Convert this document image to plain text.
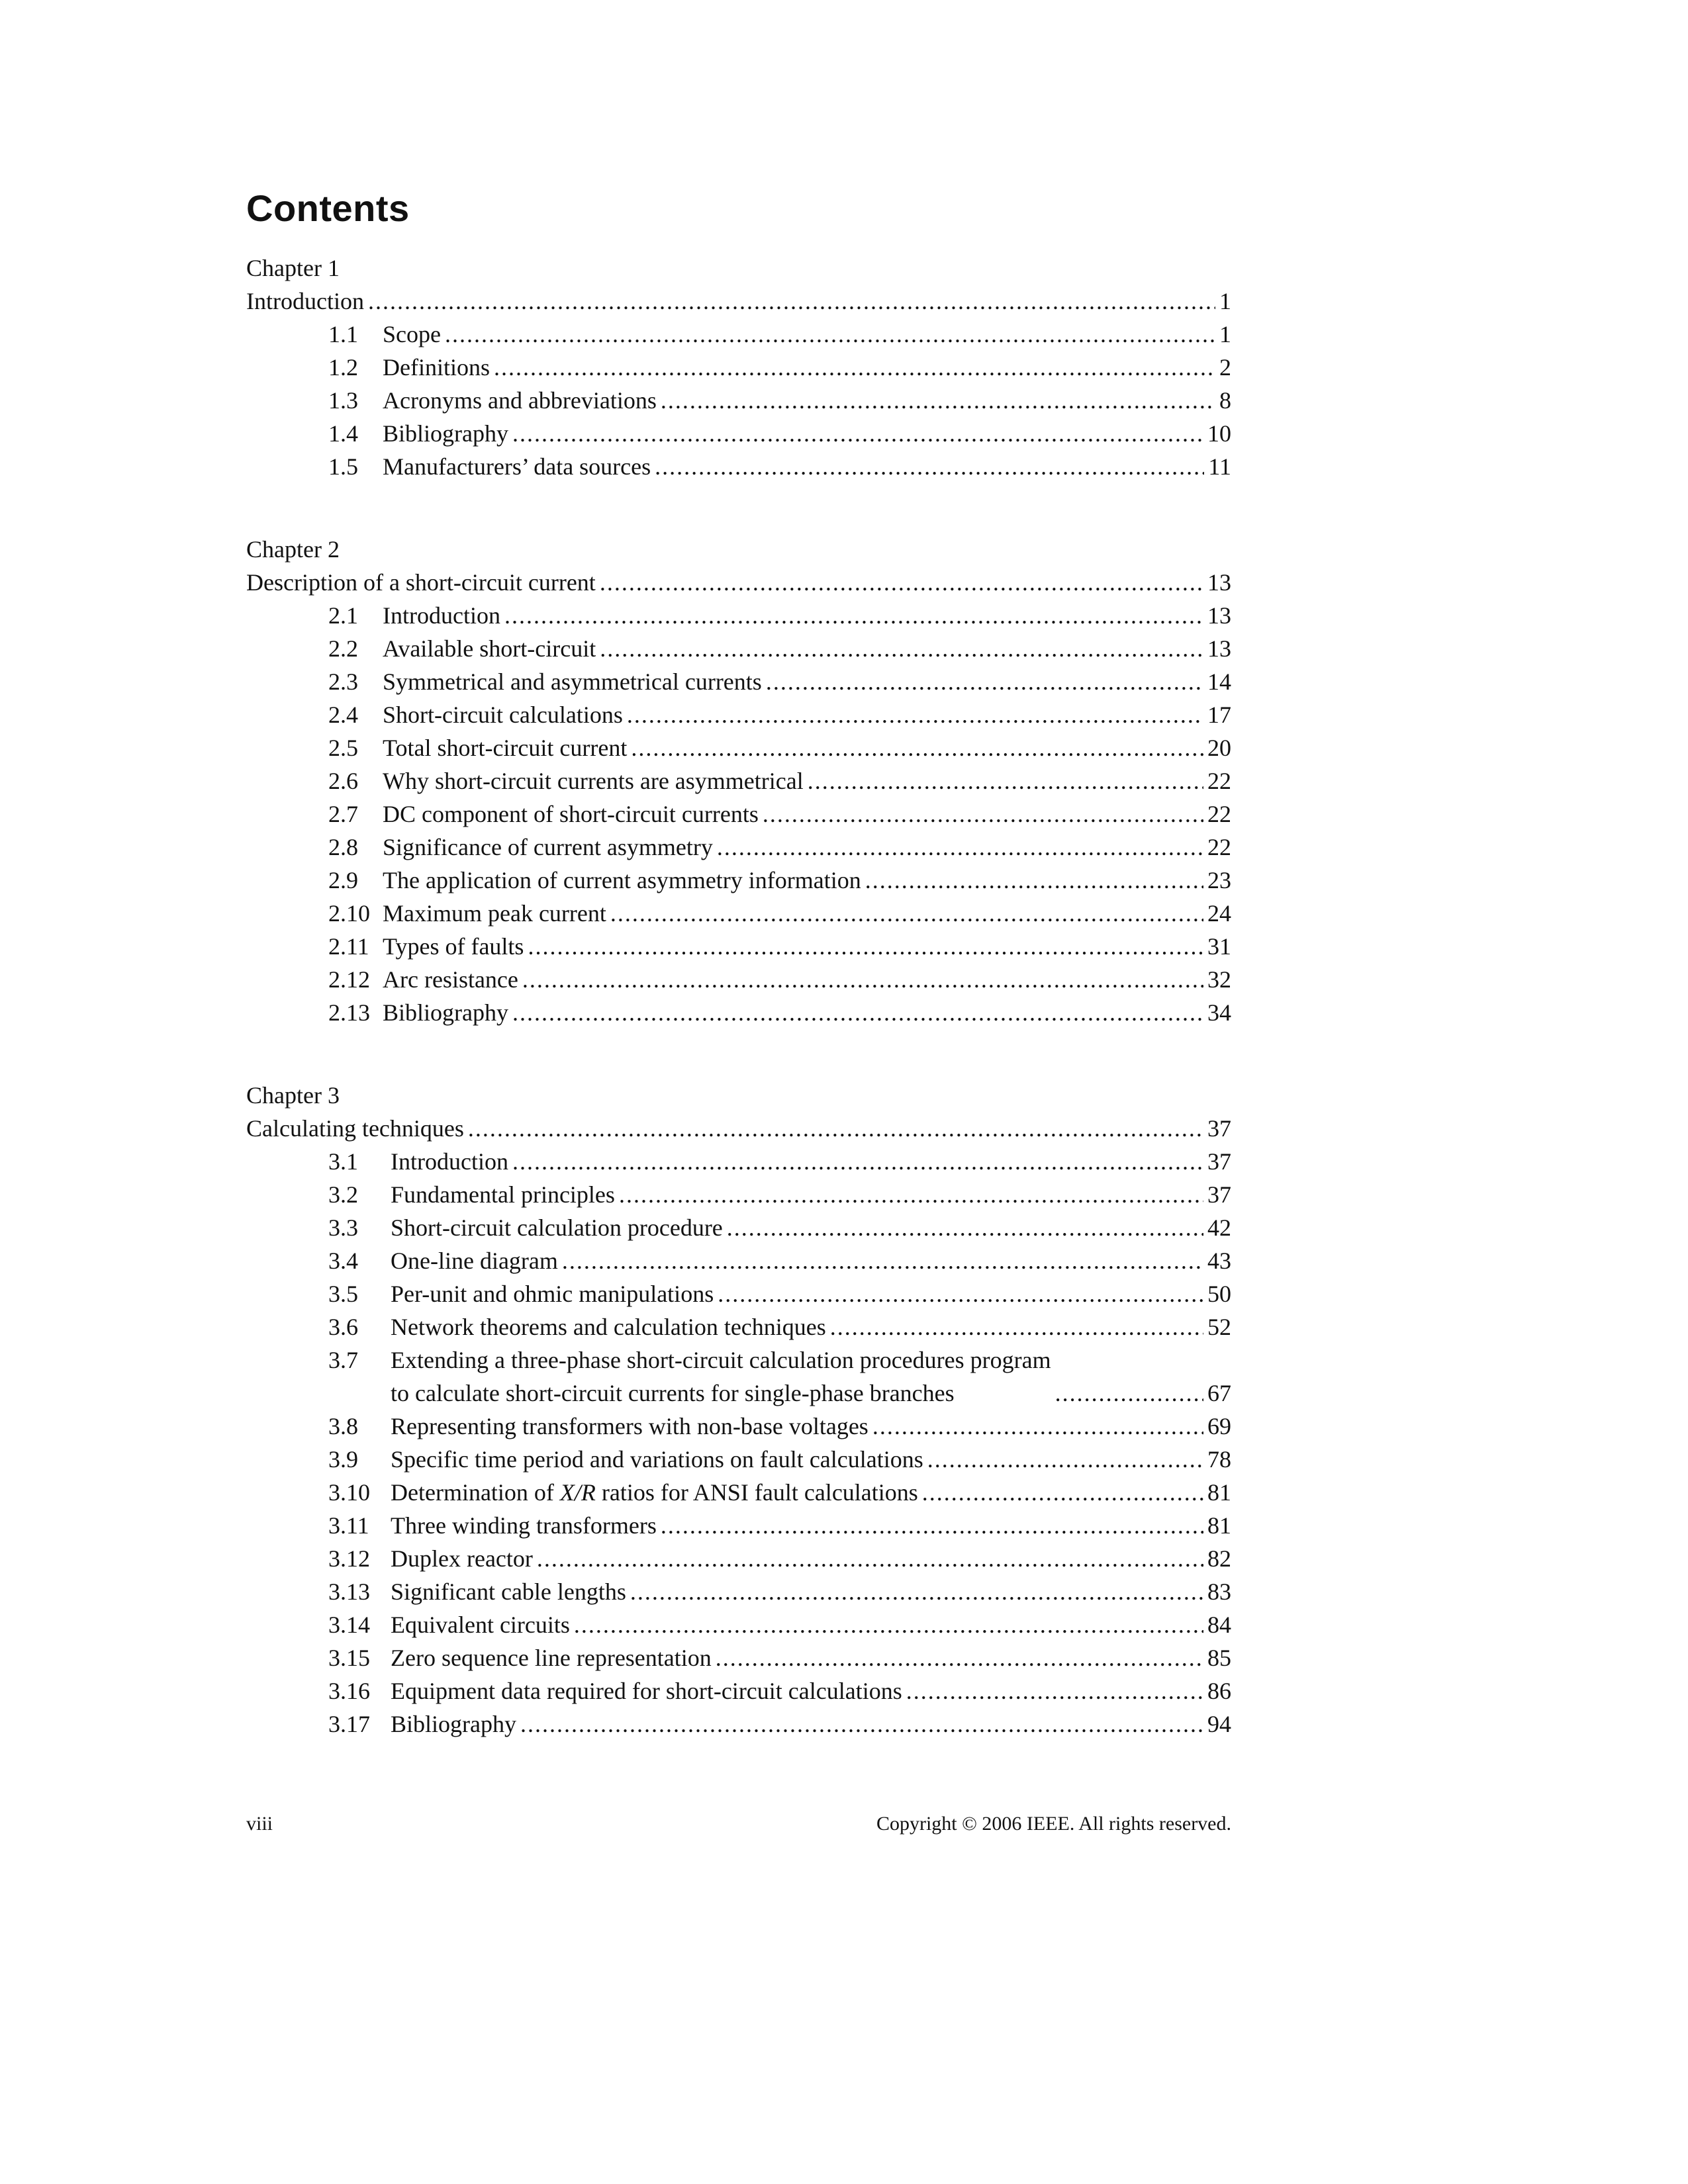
Contents
Chapter 1
Introduction .....	1
1.1	Scope .....	1
1.2	Definitions .....	2
1.3	Acronyms and abbreviations .....	8
1.4	Bibliography .....	10
1.5	Manufacturers’ data sources .....	11
Chapter 2
Description of a short-circuit current .....	13
2.1	Introduction .....	13
2.2	Available short-circuit .....	13
2.3	Symmetrical and asymmetrical currents .....	14
2.4	Short-circuit calculations .....	17
2.5	Total short-circuit current .....	20
2.6	Why short-circuit currents are asymmetrical .....	22
2.7	DC component of short-circuit currents .....	22
2.8	Significance of current asymmetry .....	22
2.9	The application of current asymmetry information .....	23
2.10 Maximum peak current .....	24
2.11 Types of faults .....	31
2.12 Arc resistance .....	32
2.13 Bibliography .....	34
Chapter 3
Calculating techniques .....	37
3.1	Introduction .....	37
3.2	Fundamental principles .....	37
3.3	Short-circuit calculation procedure .....	42
3.4	One-line diagram .....	43
3.5	Per-unit and ohmic manipulations .....	50
3.6	Network theorems and calculation techniques .....	52
3.7	Extending a three-phase short-circuit calculation procedures program
to calculate short-circuit currents for single-phase branches .....	67
3.8	Representing transformers with non-base voltages .....	69
3.9	Specific time period and variations on fault calculations .....	78
3.10 Determination of X/R ratios for ANSI fault calculations .....	81
3.11 Three winding transformers .....	81
3.12 Duplex reactor .....	82
3.13 Significant cable lengths .....	83
3.14 Equivalent circuits .....	84
3.15 Zero sequence line representation .....	85
3.16 Equipment data required for short-circuit calculations .....	86
3.17 Bibliography .....	94
viii	Copyright © 2006 IEEE. All rights reserved.
